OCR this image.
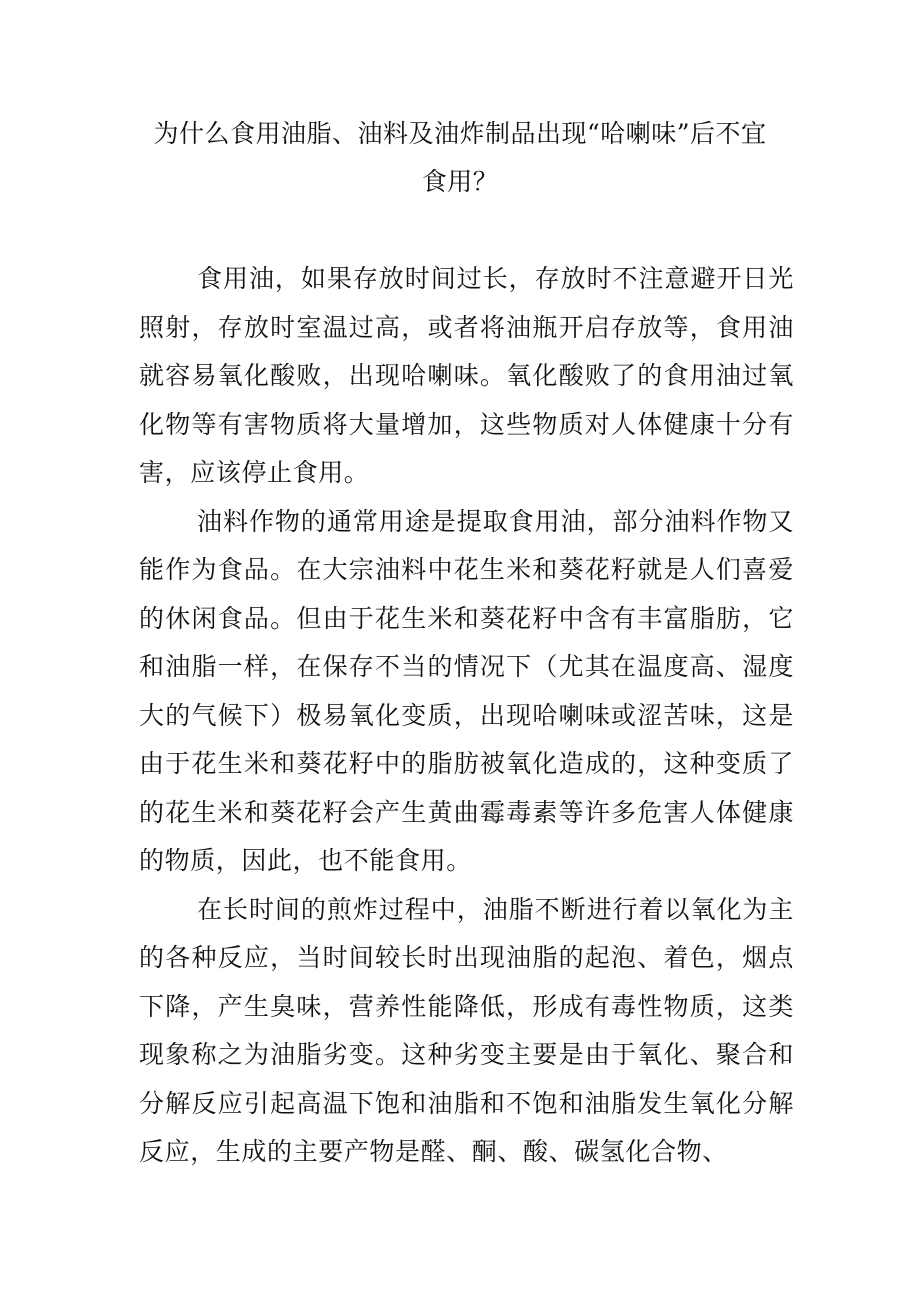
为什么食用油脂、油料及油炸制品出现“哈喇味”后不宜
食用？

食用油，如果存放时间过长，存放时不注意避开日光照射，存放时室温过高，或者将油瓶开启存放等，食用油就容易氧化酸败，出现哈喇味。氧化酸败了的食用油过氧化物等有害物质将大量增加，这些物质对人体健康十分有害，应该停止食用。

油料作物的通常用途是提取食用油，部分油料作物又能作为食品。在大宗油料中花生米和葵花籽就是人们喜爱的休闲食品。但由于花生米和葵花籽中含有丰富脂肪，它和油脂一样，在保存不当的情况下（尤其在温度高、湿度大的气候下）极易氧化变质，出现哈喇味或涩苦味，这是由于花生米和葵花籽中的脂肪被氧化造成的，这种变质了的花生米和葵花籽会产生黄曲霉毒素等许多危害人体健康的物质，因此，也不能食用。

在长时间的煎炸过程中，油脂不断进行着以氧化为主的各种反应，当时间较长时出现油脂的起泡、着色，烟点下降，产生臭味，营养性能降低，形成有毒性物质，这类现象称之为油脂劣变。这种劣变主要是由于氧化、聚合和分解反应引起高温下饱和油脂和不饱和油脂发生氧化分解反应，生成的主要产物是醛、酮、酸、碳氢化合物、
